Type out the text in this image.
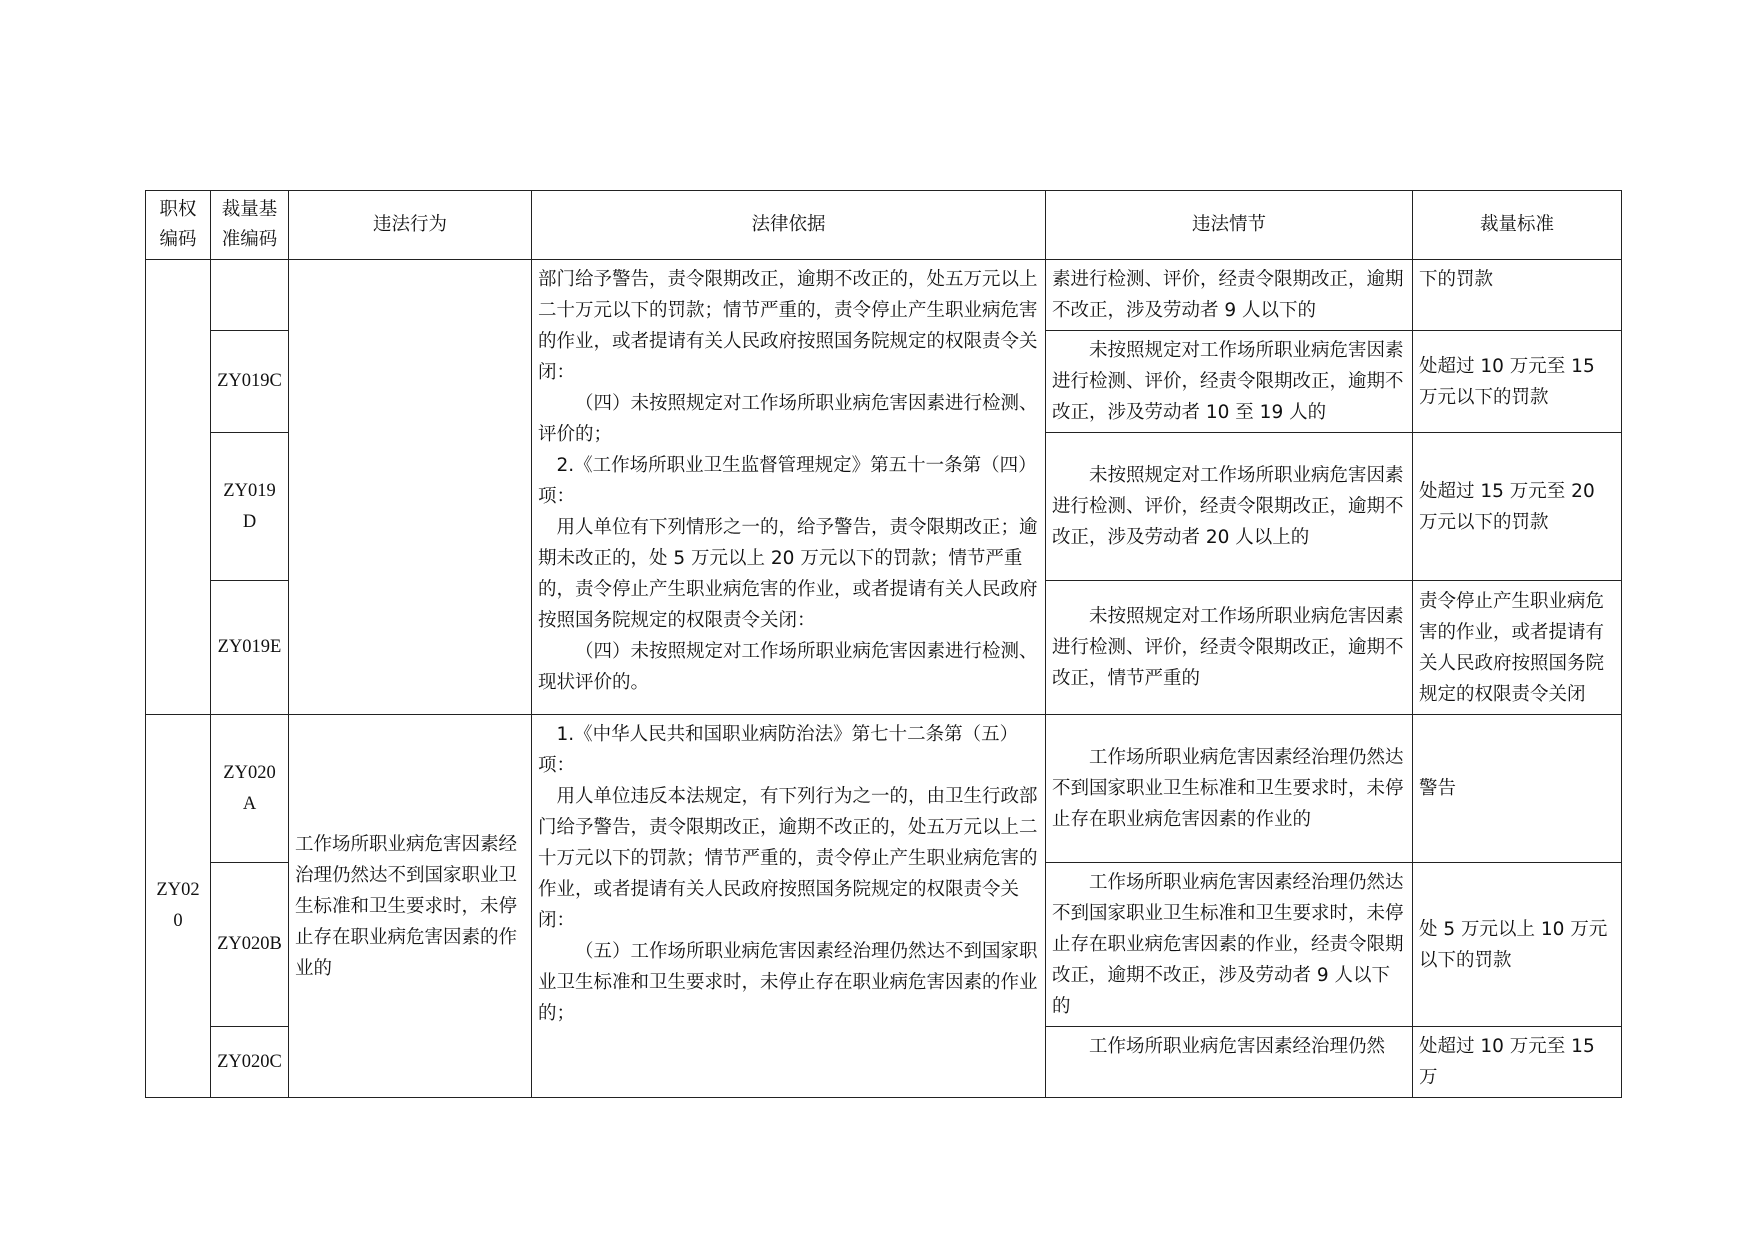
职权编码	裁量基准编码	违法行为	法律依据	违法情节	裁量标准

			部门给予警告，责令限期改正，逾期不改正的，处五万元以上二十万元以下的罚款；情节严重的，责令停止产生职业病危害的作业，或者提请有关人民政府按照国务院规定的权限责令关闭：

（四）未按照规定对工作场所职业病危害因素进行检测、评价的；

2.《工作场所职业卫生监督管理规定》第五十一条第（四）项：

用人单位有下列情形之一的，给予警告，责令限期改正；逾期未改正的，处 5 万元以上 20 万元以下的罚款；情节严重的，责令停止产生职业病危害的作业，或者提请有关人民政府按照国务院规定的权限责令关闭：

（四）未按照规定对工作场所职业病危害因素进行检测、现状评价的。	素进行检测、评价，经责令限期改正，逾期不改正，涉及劳动者 9 人以下的	下的罚款
	ZY019C			未按照规定对工作场所职业病危害因素进行检测、评价，经责令限期改正，逾期不改正，涉及劳动者 10 至 19 人的	处超过 10 万元至 15 万元以下的罚款
	ZY019D			未按照规定对工作场所职业病危害因素进行检测、评价，经责令限期改正，逾期不改正，涉及劳动者 20 人以上的	处超过 15 万元至 20 万元以下的罚款
	ZY019E			未按照规定对工作场所职业病危害因素进行检测、评价，经责令限期改正，逾期不改正，情节严重的	责令停止产生职业病危害的作业，或者提请有关人民政府按照国务院规定的权限责令关闭
ZY020	ZY020A	工作场所职业病危害因素经治理仍然达不到国家职业卫生标准和卫生要求时，未停止存在职业病危害因素的作业的	1.《中华人民共和国职业病防治法》第七十二条第（五）项：

用人单位违反本法规定，有下列行为之一的，由卫生行政部门给予警告，责令限期改正，逾期不改正的，处五万元以上二十万元以下的罚款；情节严重的，责令停止产生职业病危害的作业，或者提请有关人民政府按照国务院规定的权限责令关闭：

（五）工作场所职业病危害因素经治理仍然达不到国家职业卫生标准和卫生要求时，未停止存在职业病危害因素的作业的；	工作场所职业病危害因素经治理仍然达不到国家职业卫生标准和卫生要求时，未停止存在职业病危害因素的作业的	警告
	ZY020B			工作场所职业病危害因素经治理仍然达不到国家职业卫生标准和卫生要求时，未停止存在职业病危害因素的作业，经责令限期改正，逾期不改正，涉及劳动者 9 人以下的	处 5 万元以上 10 万元以下的罚款
	ZY020C			工作场所职业病危害因素经治理仍然	处超过 10 万元至 15 万
